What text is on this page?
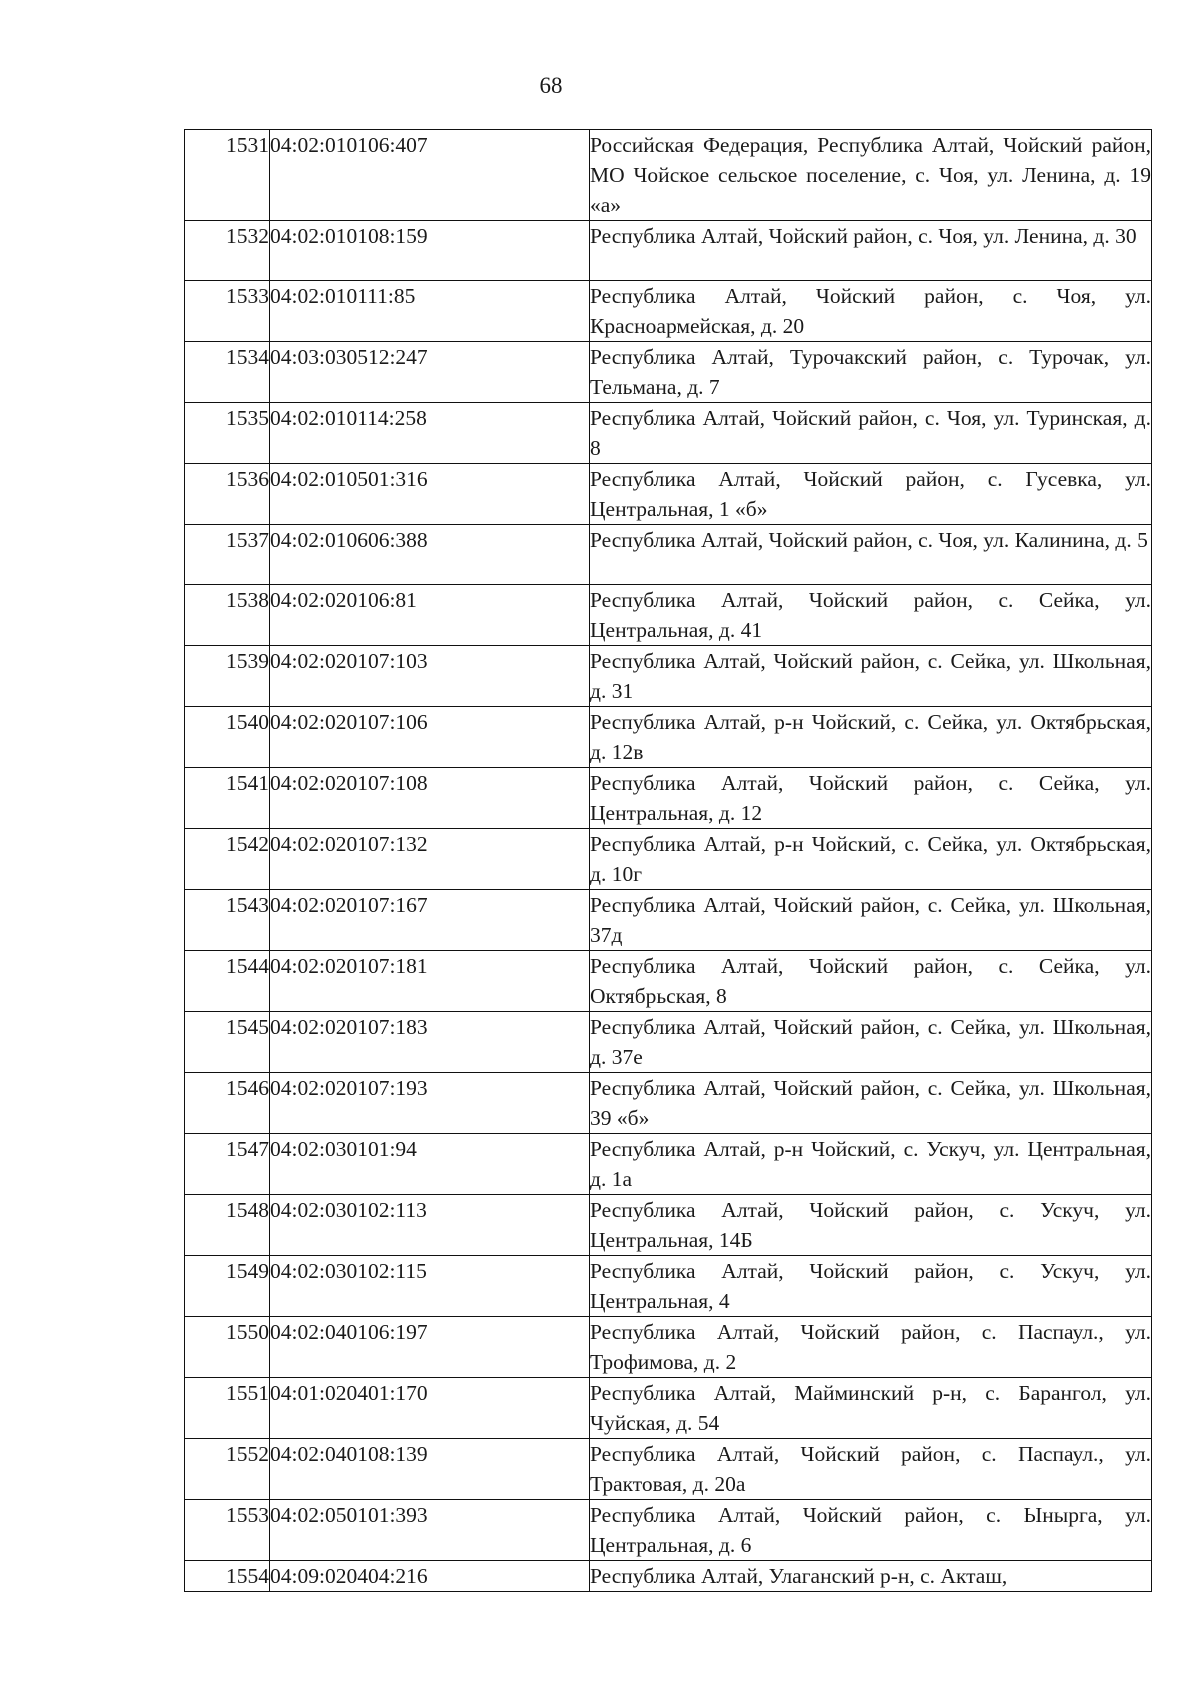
68
1531	04:02:010106:407	Российская Федерация, Республика Алтай, Чойский район, МО Чойское сельское поселение, с. Чоя, ул. Ленина, д. 19 «а»
1532	04:02:010108:159	Республика Алтай, Чойский район, с. Чоя, ул. Ленина, д. 30
1533	04:02:010111:85	Республика Алтай, Чойский район, с. Чоя, ул. Красноармейская, д. 20
1534	04:03:030512:247	Республика Алтай, Турочакский район, с. Турочак, ул. Тельмана, д. 7
1535	04:02:010114:258	Республика Алтай, Чойский район, с. Чоя, ул. Туринская, д. 8
1536	04:02:010501:316	Республика Алтай, Чойский район, с. Гусевка, ул. Центральная, 1 «б»
1537	04:02:010606:388	Республика Алтай, Чойский район, с. Чоя, ул. Калинина, д. 5
1538	04:02:020106:81	Республика Алтай, Чойский район, с. Сейка, ул. Центральная, д. 41
1539	04:02:020107:103	Республика Алтай, Чойский район, с. Сейка, ул. Школьная, д. 31
1540	04:02:020107:106	Республика Алтай, р-н Чойский, с. Сейка, ул. Октябрьская, д. 12в
1541	04:02:020107:108	Республика Алтай, Чойский район, с. Сейка, ул. Центральная, д. 12
1542	04:02:020107:132	Республика Алтай, р-н Чойский, с. Сейка, ул. Октябрьская, д. 10г
1543	04:02:020107:167	Республика Алтай, Чойский район, с. Сейка, ул. Школьная, 37д
1544	04:02:020107:181	Республика Алтай, Чойский район, с. Сейка, ул. Октябрьская, 8
1545	04:02:020107:183	Республика Алтай, Чойский район, с. Сейка, ул. Школьная, д. 37е
1546	04:02:020107:193	Республика Алтай, Чойский район, с. Сейка, ул. Школьная, 39 «б»
1547	04:02:030101:94	Республика Алтай, р-н Чойский, с. Ускуч, ул. Центральная, д. 1а
1548	04:02:030102:113	Республика Алтай, Чойский район, с. Ускуч, ул. Центральная, 14Б
1549	04:02:030102:115	Республика Алтай, Чойский район, с. Ускуч, ул. Центральная, 4
1550	04:02:040106:197	Республика Алтай, Чойский район, с. Паспаул., ул. Трофимова, д. 2
1551	04:01:020401:170	Республика Алтай, Майминский р-н, с. Барангол, ул. Чуйская, д. 54
1552	04:02:040108:139	Республика Алтай, Чойский район, с. Паспаул., ул. Трактовая, д. 20а
1553	04:02:050101:393	Республика Алтай, Чойский район, с. Ынырга, ул. Центральная, д. 6
1554	04:09:020404:216	Республика Алтай, Улаганский р-н, с. Акташ,
